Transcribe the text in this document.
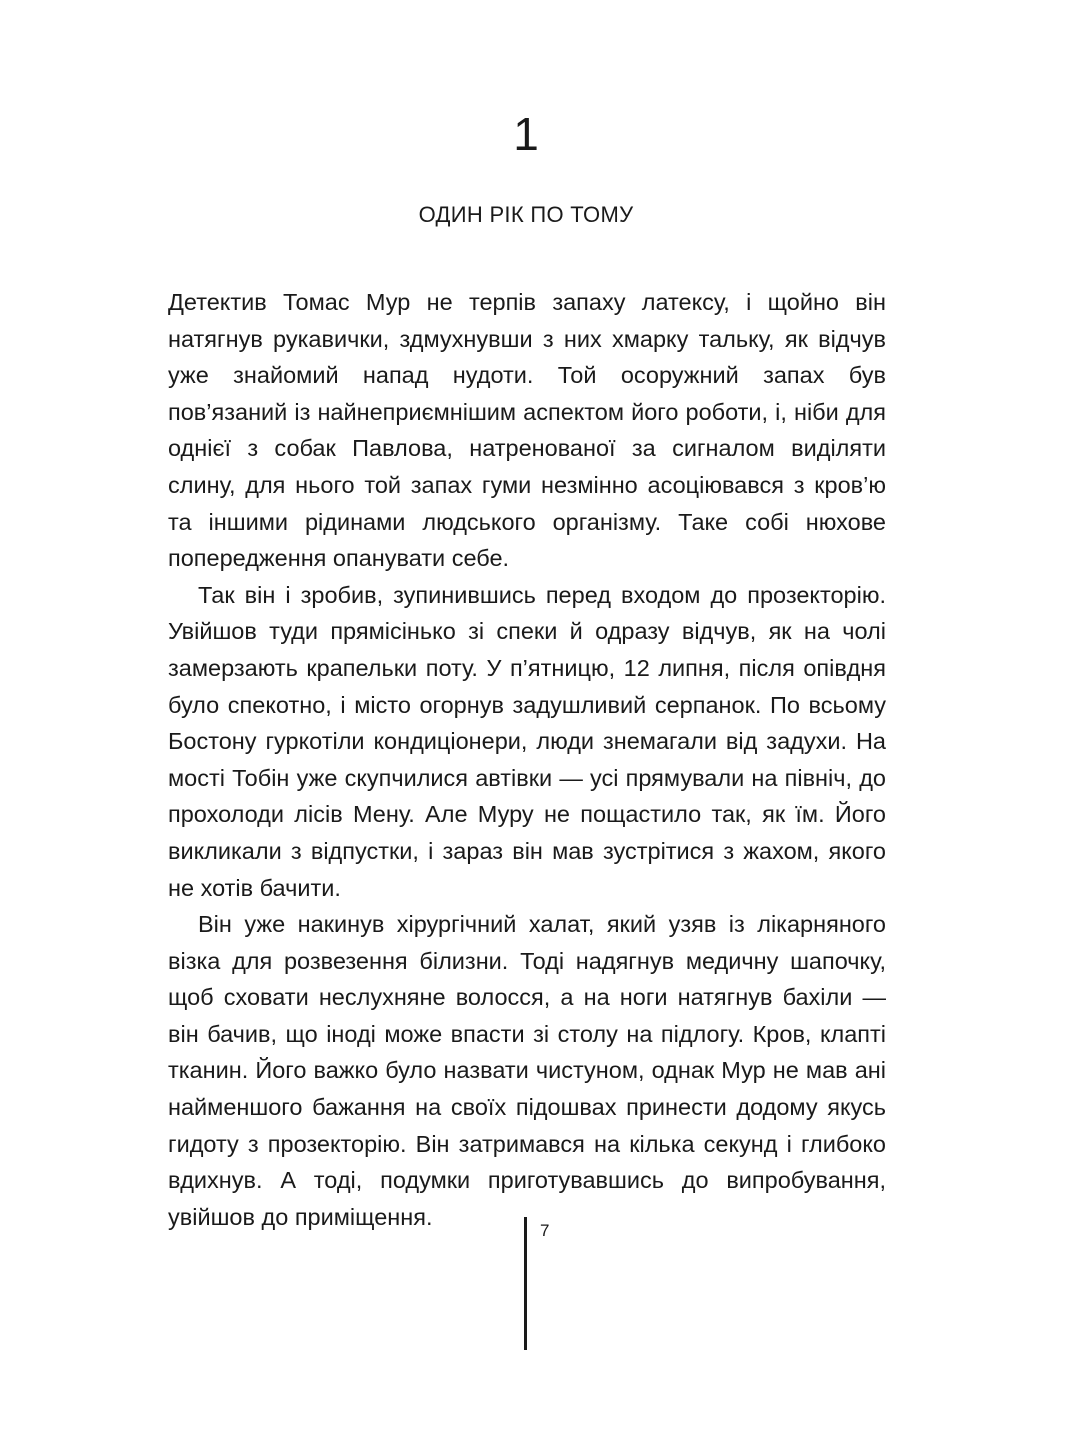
1
ОДИН РІК ПО ТОМУ

Детектив Томас Мур не терпів запаху латексу, і щойно він натягнув рукавички, здмухнувши з них хмарку тальку, як відчув уже знайомий напад нудоти. Той осоружний запах був пов’язаний із найнеприємнішим аспектом його роботи, і, ніби для однієї з собак Павлова, натренованої за сигналом виділяти слину, для нього той запах гуми незмінно асоціювався з кров’ю та іншими рідинами людського організму. Таке собі нюхове попередження опанувати себе.

Так він і зробив, зупинившись перед входом до прозекторію. Увійшов туди прямісінько зі спеки й одразу відчув, як на чолі замерзають крапельки поту. У п’ятницю, 12 липня, після опівдня було спекотно, і місто огорнув задушливий серпанок. По всьому Бостону гуркотіли кондиціонери, люди знемагали від задухи. На мості Тобін уже скупчилися автівки — усі прямували на північ, до прохолоди лісів Мену. Але Муру не пощастило так, як їм. Його викликали з відпустки, і зараз він мав зустрітися з жахом, якого не хотів бачити.

Він уже накинув хірургічний халат, який узяв із лікарняного візка для розвезення білизни. Тоді надягнув медичну шапочку, щоб сховати неслухняне волосся, а на ноги натягнув бахіли — він бачив, що іноді може впасти зі столу на підлогу. Кров, клапті тканин. Його важко було назвати чистуном, однак Мур не мав ані найменшого бажання на своїх підошвах принести додому якусь гидоту з прозекторію. Він затримався на кілька секунд і глибоко вдихнув. А тоді, подумки приготувавшись до випробування, увійшов до приміщення.

7
